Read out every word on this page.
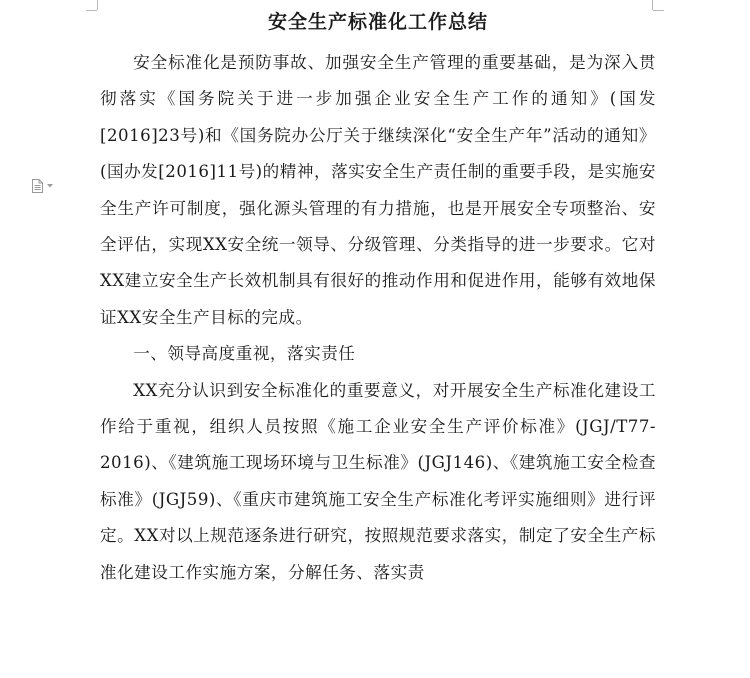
安全生产标准化工作总结

安全标准化是预防事故、加强安全生产管理的重要基础，是为深入贯彻落实《国务院关于进一步加强企业安全生产工作的通知》(国发[2016]23号)和《国务院办公厅关于继续深化“安全生产年”活动的通知》(国办发[2016]11号)的精神，落实安全生产责任制的重要手段，是实施安全生产许可制度，强化源头管理的有力措施，也是开展安全专项整治、安全评估，实现XX安全统一领导、分级管理、分类指导的进一步要求。它对XX建立安全生产长效机制具有很好的推动作用和促进作用，能够有效地保证XX安全生产目标的完成。

一、领导高度重视，落实责任

XX充分认识到安全标准化的重要意义，对开展安全生产标准化建设工作给于重视，组织人员按照《施工企业安全生产评价标准》(JGJ/T77-2016)、《建筑施工现场环境与卫生标准》(JGJ146)、《建筑施工安全检查标准》(JGJ59)、《重庆市建筑施工安全生产标准化考评实施细则》进行评定。XX对以上规范逐条进行研究，按照规范要求落实，制定了安全生产标准化建设工作实施方案，分解任务、落实责
